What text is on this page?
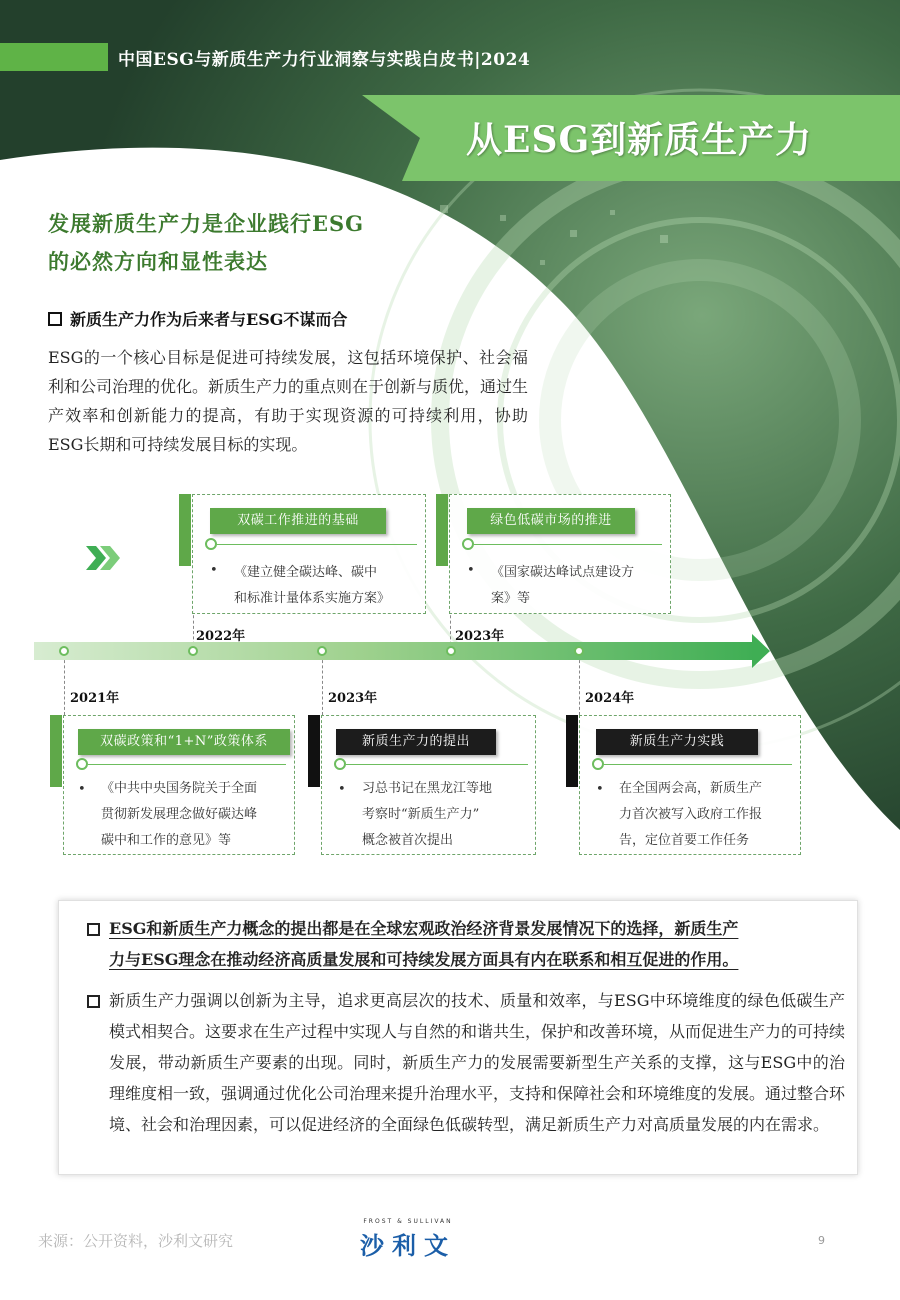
中国ESG与新质生产力行业洞察与实践白皮书|2024
从ESG到新质生产力
发展新质生产力是企业践行ESG
的必然方向和显性表达
新质生产力作为后来者与ESG不谋而合
ESG的一个核心目标是促进可持续发展，这包括环境保护、社会福利和公司治理的优化。新质生产力的重点则在于创新与质优，通过生产效率和创新能力的提高，有助于实现资源的可持续利用，协助ESG长期和可持续发展目标的实现。
2022年	2023年
2021年	2023年	2024年
双碳工作推进的基础
• 《建立健全碳达峰、碳中
和标准计量体系实施方案》
绿色低碳市场的推进
• 《国家碳达峰试点建设方
案》等
双碳政策和“1+N”政策体系
• 《中共中央国务院关于全面
贯彻新发展理念做好碳达峰
碳中和工作的意见》等
新质生产力的提出
• 习总书记在黑龙江等地
考察时“新质生产力”
概念被首次提出
新质生产力实践
• 在全国两会高，新质生产
力首次被写入政府工作报
告，定位首要工作任务
ESG和新质生产力概念的提出都是在全球宏观政治经济背景发展情况下的选择，新质生产
力与ESG理念在推动经济高质量发展和可持续发展方面具有内在联系和相互促进的作用。
新质生产力强调以创新为主导，追求更高层次的技术、质量和效率，与ESG中环境维度的绿色低碳生产模式相契合。这要求在生产过程中实现人与自然的和谐共生，保护和改善环境，从而促进生产力的可持续发展，带动新质生产要素的出现。同时，新质生产力的发展需要新型生产关系的支撑，这与ESG中的治理维度相一致，强调通过优化公司治理来提升治理水平，支持和保障社会和环境维度的发展。通过整合环境、社会和治理因素，可以促进经济的全面绿色低碳转型，满足新质生产力对高质量发展的内在需求。
来源：公开资料，沙利文研究
FROST & SULLIVAN
沙利文	9
